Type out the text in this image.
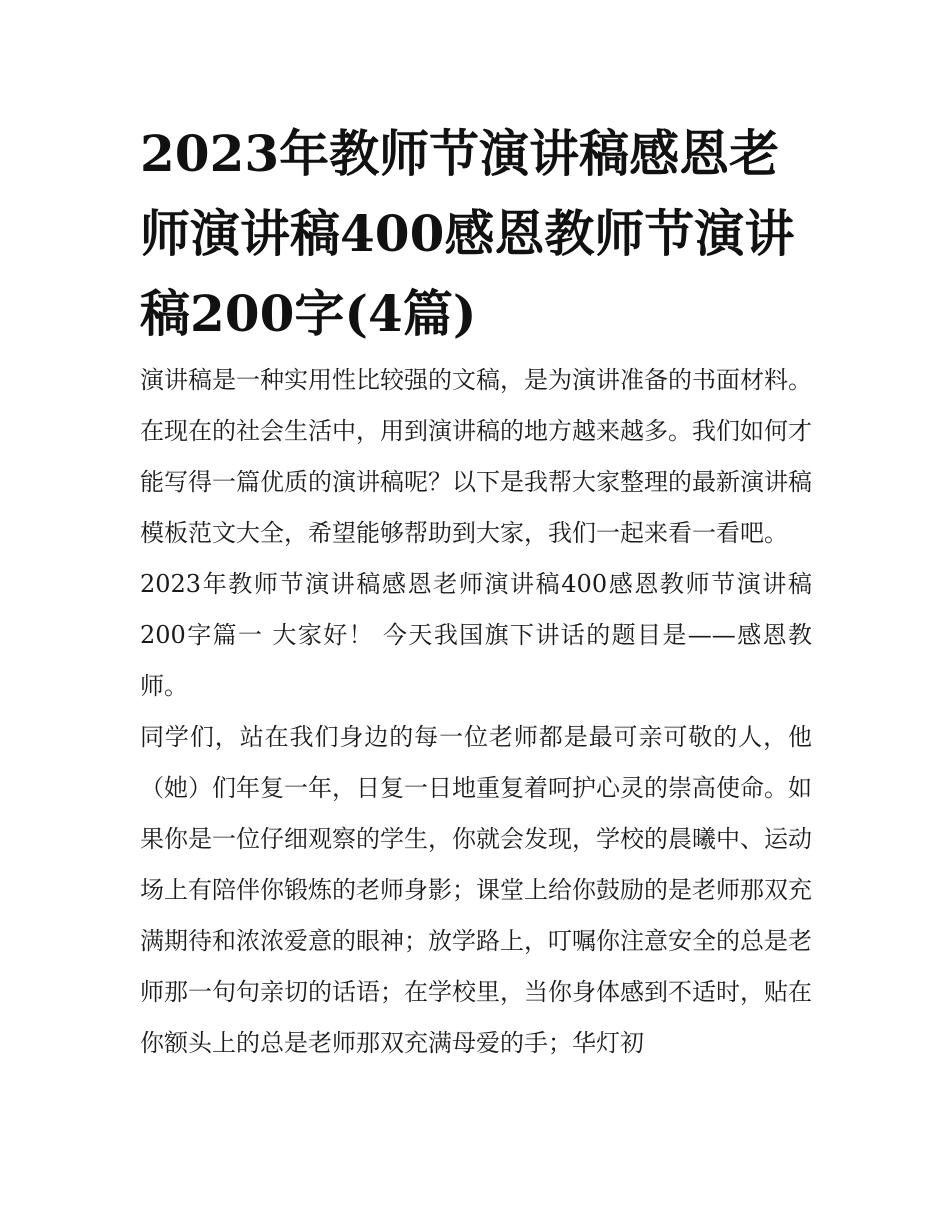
2023年教师节演讲稿感恩老师演讲稿400感恩教师节演讲稿200字(4篇)

演讲稿是一种实用性比较强的文稿，是为演讲准备的书面材料。在现在的社会生活中，用到演讲稿的地方越来越多。我们如何才能写得一篇优质的演讲稿呢？以下是我帮大家整理的最新演讲稿模板范文大全，希望能够帮助到大家，我们一起来看一看吧。

2023年教师节演讲稿感恩老师演讲稿400感恩教师节演讲稿200字篇一 大家好！ 今天我国旗下讲话的题目是——感恩教师。

同学们，站在我们身边的每一位老师都是最可亲可敬的人，他（她）们年复一年，日复一日地重复着呵护心灵的崇高使命。如果你是一位仔细观察的学生，你就会发现，学校的晨曦中、运动场上有陪伴你锻炼的老师身影；课堂上给你鼓励的是老师那双充满期待和浓浓爱意的眼神；放学路上，叮嘱你注意安全的总是老师那一句句亲切的话语；在学校里，当你身体感到不适时，贴在你额头上的总是老师那双充满母爱的手；华灯初
